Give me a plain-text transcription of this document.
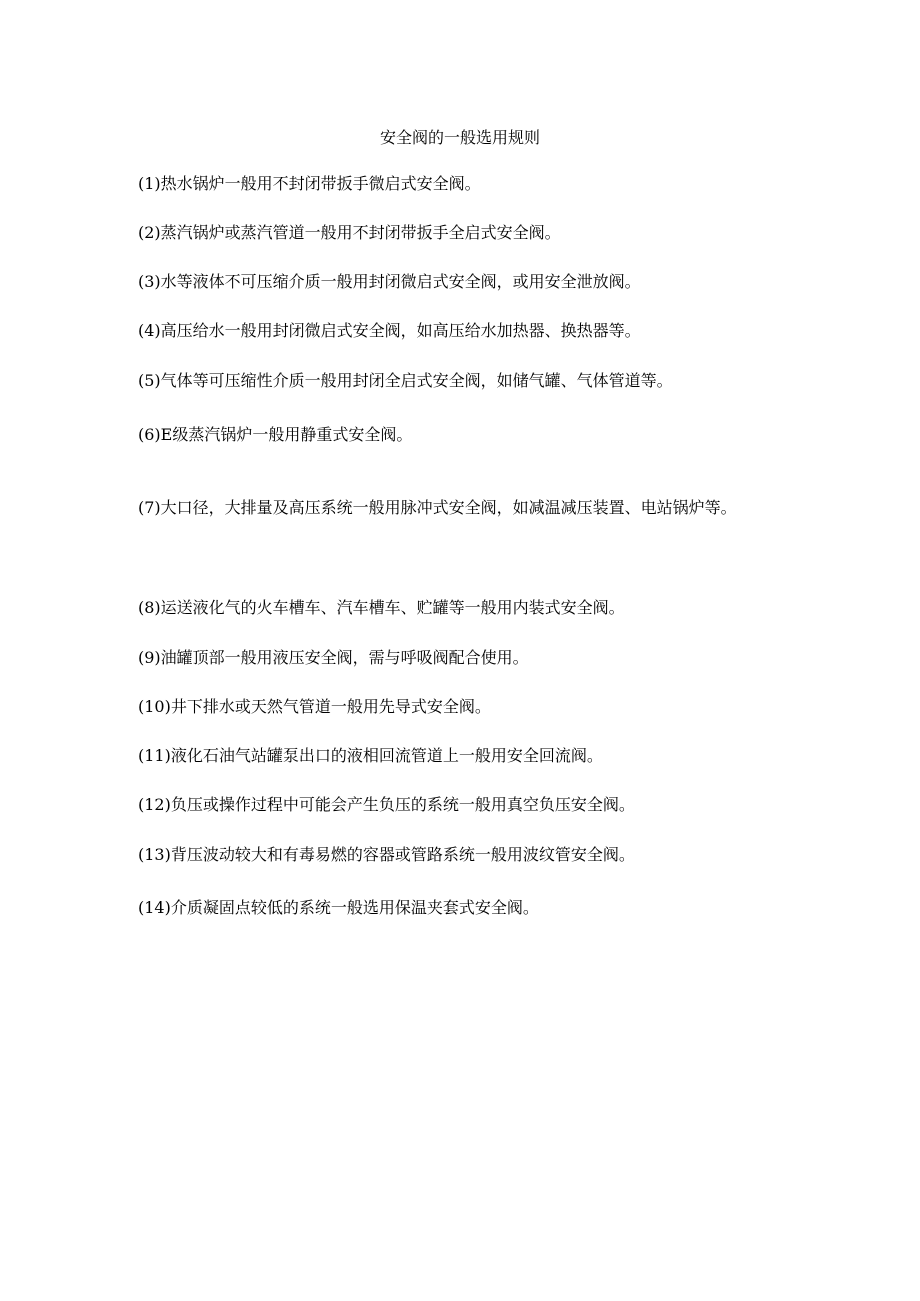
安全阀的一般选用规则
(1)热水锅炉一般用不封闭带扳手微启式安全阀。
(2)蒸汽锅炉或蒸汽管道一般用不封闭带扳手全启式安全阀。
(3)水等液体不可压缩介质一般用封闭微启式安全阀，或用安全泄放阀。
(4)高压给水一般用封闭微启式安全阀，如高压给水加热器、换热器等。
(5)气体等可压缩性介质一般用封闭全启式安全阀，如储气罐、气体管道等。
(6)E级蒸汽锅炉一般用静重式安全阀。
(7)大口径，大排量及高压系统一般用脉冲式安全阀，如减温减压装置、电站锅炉等。
(8)运送液化气的火车槽车、汽车槽车、贮罐等一般用内装式安全阀。
(9)油罐顶部一般用液压安全阀，需与呼吸阀配合使用。
(10)井下排水或天然气管道一般用先导式安全阀。
(11)液化石油气站罐泵出口的液相回流管道上一般用安全回流阀。
(12)负压或操作过程中可能会产生负压的系统一般用真空负压安全阀。
(13)背压波动较大和有毒易燃的容器或管路系统一般用波纹管安全阀。
(14)介质凝固点较低的系统一般选用保温夹套式安全阀。
